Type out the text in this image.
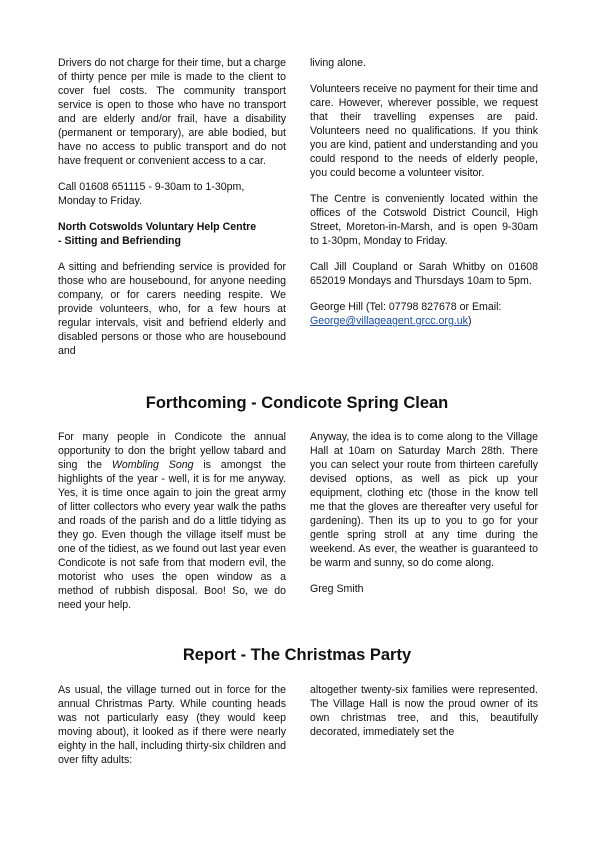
Drivers do not charge for their time, but a charge of thirty pence per mile is made to the client to cover fuel costs. The community transport service is open to those who have no transport and are elderly and/or frail, have a disability (permanent or temporary), are able bodied, but have no access to public transport and do not have frequent or convenient access to a car.

Call 01608 651115 - 9-30am to 1-30pm,
Monday to Friday.

North Cotswolds Voluntary Help Centre
- Sitting and Befriending

A sitting and befriending service is provided for those who are housebound, for anyone needing company, or for carers needing respite. We provide volunteers, who, for a few hours at regular intervals, visit and befriend elderly and disabled persons or those who are housebound and

living alone.

Volunteers receive no payment for their time and care. However, wherever possible, we request that their travelling expenses are paid. Volunteers need no qualifications. If you think you are kind, patient and understanding and you could respond to the needs of elderly people, you could become a volunteer visitor.

The Centre is conveniently located within the offices of the Cotswold District Council, High Street, Moreton-in-Marsh, and is open 9-30am to 1-30pm, Monday to Friday.

Call Jill Coupland or Sarah Whitby on 01608 652019 Mondays and Thursdays 10am to 5pm.

George Hill (Tel: 07798 827678 or Email:
George@villageagent.grcc.org.uk)

Forthcoming - Condicote Spring Clean

For many people in Condicote the annual opportunity to don the bright yellow tabard and sing the Wombling Song is amongst the highlights of the year - well, it is for me anyway. Yes, it is time once again to join the great army of litter collectors who every year walk the paths and roads of the parish and do a little tidying as they go. Even though the village itself must be one of the tidiest, as we found out last year even Condicote is not safe from that modern evil, the motorist who uses the open window as a method of rubbish disposal. Boo! So, we do need your help.

Anyway, the idea is to come along to the Village Hall at 10am on Saturday March 28th. There you can select your route from thirteen carefully devised options, as well as pick up your equipment, clothing etc (those in the know tell me that the gloves are thereafter very useful for gardening). Then its up to you to go for your gentle spring stroll at any time during the weekend. As ever, the weather is guaranteed to be warm and sunny, so do come along.

Greg Smith

Report - The Christmas Party

As usual, the village turned out in force for the annual Christmas Party. While counting heads was not particularly easy (they would keep moving about), it looked as if there were nearly eighty in the hall, including thirty-six children and over fifty adults:

altogether twenty-six families were represented. The Village Hall is now the proud owner of its own christmas tree, and this, beautifully decorated, immediately set the
